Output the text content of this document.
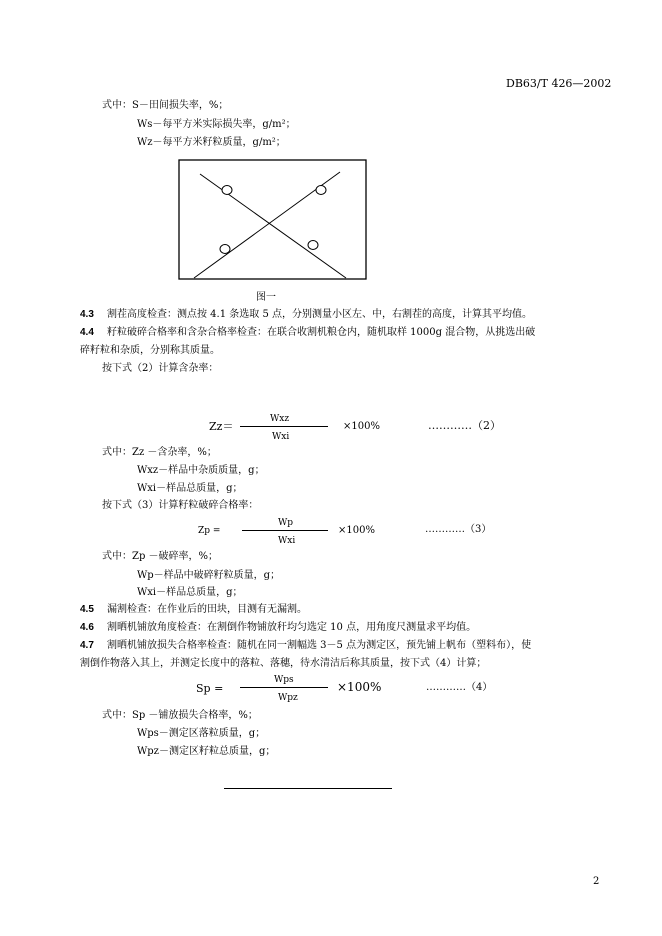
DB63/T 426—2002
式中：S－田间损失率，%；
Ws－每平方米实际损失率，g/m²；
Wz－每平方米籽粒质量，g/m²；
图一
4.3 割茬高度检查：测点按 4.1 条选取 5 点，分别测量小区左、中，右割茬的高度，计算其平均值。
4.4 籽粒破碎合格率和含杂合格率检查：在联合收割机粮仓内，随机取样 1000g 混合物，从挑选出破
碎籽粒和杂质，分别称其质量。
按下式（2）计算含杂率：
Zz＝
Wxz
Wxi
×100%	…………（2）
式中：Zz －含杂率，%；
Wxz－样品中杂质质量，g；
Wxi－样品总质量，g；
按下式（3）计算籽粒破碎合格率：
Zp =
Wp
Wxi
×100%	…………（3）
式中：Zp －破碎率，%；
Wp－样品中破碎籽粒质量，g；
Wxi－样品总质量，g；
4.5 漏割检查：在作业后的田块，目测有无漏割。
4.6 割晒机铺放角度检查：在割倒作物铺放秆均匀选定 10 点，用角度尺测量求平均值。
4.7 割晒机铺放损失合格率检查：随机在同一割幅选 3－5 点为测定区，预先铺上帆布（塑料布），使
割倒作物落入其上，并测定长度中的落粒、落穗，待水清洁后称其质量，按下式（4）计算；
Sp =
Wps
Wpz
×100%	…………（4）
式中：Sp －铺放损失合格率，%；
Wps－测定区落粒质量，g；
Wpz－测定区籽粒总质量，g；
2
